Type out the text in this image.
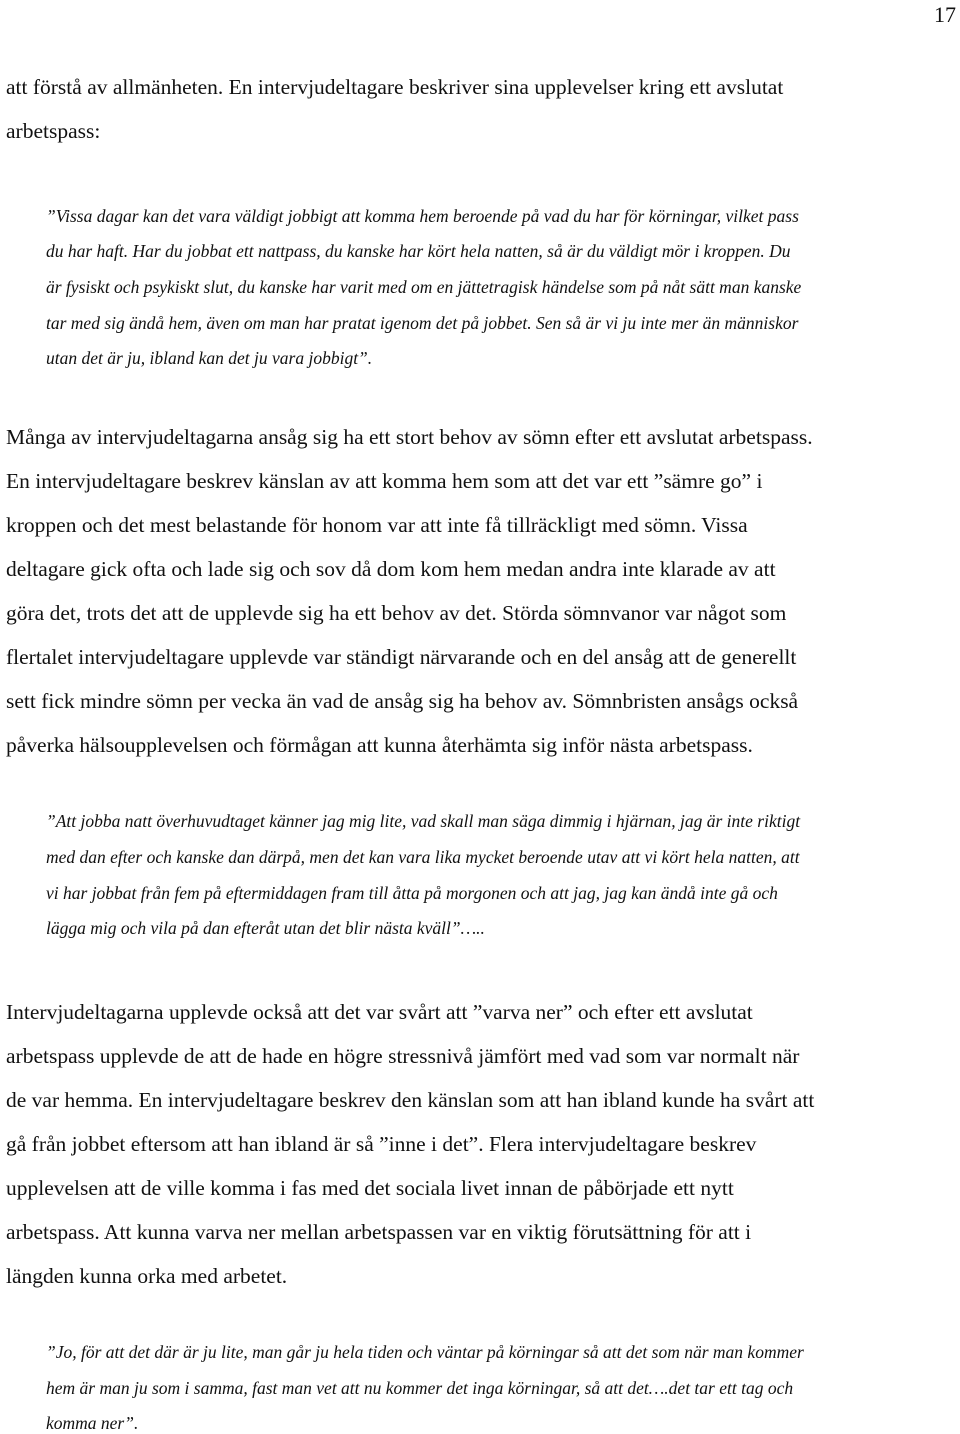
17
att förstå av allmänheten. En intervjudeltagare beskriver sina upplevelser kring ett avslutat
arbetspass:
”Vissa dagar kan det vara väldigt jobbigt att komma hem beroende på vad du har för körningar, vilket pass
du har haft. Har du jobbat ett nattpass, du kanske har kört hela natten, så är du väldigt mör i kroppen. Du
är fysiskt och psykiskt slut, du kanske har varit med om en jättetragisk händelse som på nåt sätt man kanske
tar med sig ändå hem, även om man har pratat igenom det på jobbet. Sen så är vi ju inte mer än människor
utan det är ju, ibland kan det ju vara jobbigt”.
Många av intervjudeltagarna ansåg sig ha ett stort behov av sömn efter ett avslutat arbetspass.
En intervjudeltagare beskrev känslan av att komma hem som att det var ett ”sämre go” i
kroppen och det mest belastande för honom var att inte få tillräckligt med sömn. Vissa
deltagare gick ofta och lade sig och sov då dom kom hem medan andra inte klarade av att
göra det, trots det att de upplevde sig ha ett behov av det. Störda sömnvanor var något som
flertalet intervjudeltagare upplevde var ständigt närvarande och en del ansåg att de generellt
sett fick mindre sömn per vecka än vad de ansåg sig ha behov av. Sömnbristen ansågs också
påverka hälsoupplevelsen och förmågan att kunna återhämta sig inför nästa arbetspass.
”Att jobba natt överhuvudtaget känner jag mig lite, vad skall man säga dimmig i hjärnan, jag är inte riktigt
med dan efter och kanske dan därpå, men det kan vara lika mycket beroende utav att vi kört hela natten, att
vi har jobbat från fem på eftermiddagen fram till åtta på morgonen och att jag, jag kan ändå inte gå och
lägga mig och vila på dan efteråt utan det blir nästa kväll”…..
Intervjudeltagarna upplevde också att det var svårt att ”varva ner” och efter ett avslutat
arbetspass upplevde de att de hade en högre stressnivå jämfört med vad som var normalt när
de var hemma. En intervjudeltagare beskrev den känslan som att han ibland kunde ha svårt att
gå från jobbet eftersom att han ibland är så ”inne i det”. Flera intervjudeltagare beskrev
upplevelsen att de ville komma i fas med det sociala livet innan de påbörjade ett nytt
arbetspass. Att kunna varva ner mellan arbetspassen var en viktig förutsättning för att i
längden kunna orka med arbetet.
”Jo, för att det där är ju lite, man går ju hela tiden och väntar på körningar så att det som när man kommer
hem är man ju som i samma, fast man vet att nu kommer det inga körningar, så att det….det tar ett tag och
komma ner”.
